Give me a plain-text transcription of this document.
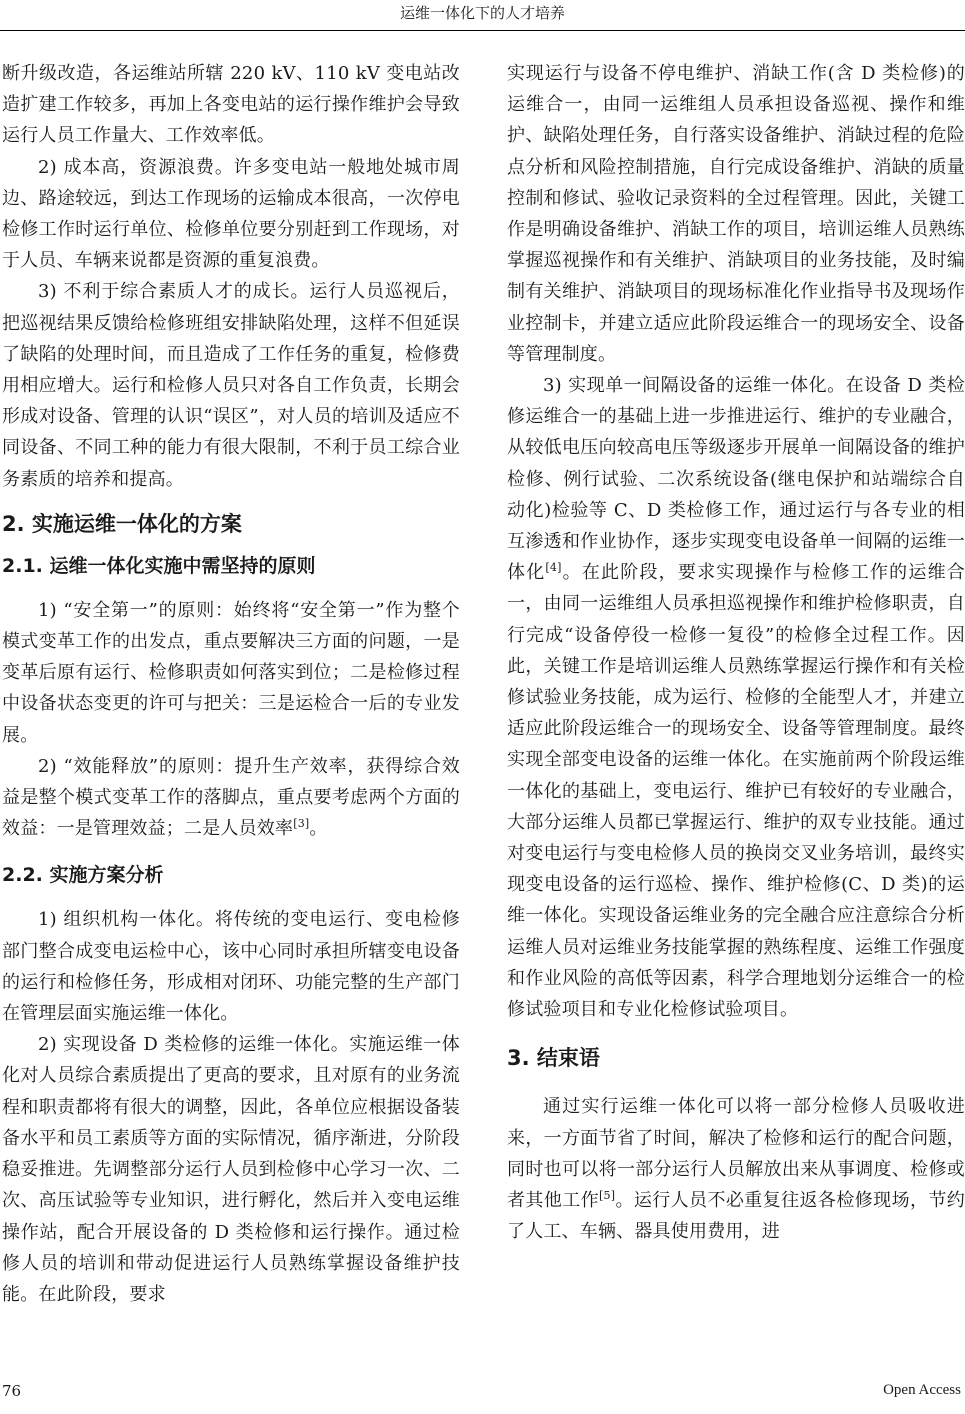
运维一体化下的人才培养

断升级改造，各运维站所辖 220 kV、110 kV 变电站改造扩建工作较多，再加上各变电站的运行操作维护会导致运行人员工作量大、工作效率低。

2) 成本高，资源浪费。许多变电站一般地处城市周边、路途较远，到达工作现场的运输成本很高，一次停电检修工作时运行单位、检修单位要分别赶到工作现场，对于人员、车辆来说都是资源的重复浪费。

3) 不利于综合素质人才的成长。运行人员巡视后，把巡视结果反馈给检修班组安排缺陷处理，这样不但延误了缺陷的处理时间，而且造成了工作任务的重复，检修费用相应增大。运行和检修人员只对各自工作负责，长期会形成对设备、管理的认识“误区”，对人员的培训及适应不同设备、不同工种的能力有很大限制，不利于员工综合业务素质的培养和提高。

2. 实施运维一体化的方案
2.1. 运维一体化实施中需坚持的原则

1) “安全第一”的原则：始终将“安全第一”作为整个模式变革工作的出发点，重点要解决三方面的问题，一是变革后原有运行、检修职责如何落实到位；二是检修过程中设备状态变更的许可与把关：三是运检合一后的专业发展。

2) “效能释放”的原则：提升生产效率，获得综合效益是整个模式变革工作的落脚点，重点要考虑两个方面的效益：一是管理效益；二是人员效率[3]。

2.2. 实施方案分析

1) 组织机构一体化。将传统的变电运行、变电检修部门整合成变电运检中心，该中心同时承担所辖变电设备的运行和检修任务，形成相对闭环、功能完整的生产部门在管理层面实施运维一体化。

2) 实现设备 D 类检修的运维一体化。实施运维一体化对人员综合素质提出了更高的要求，且对原有的业务流程和职责都将有很大的调整，因此，各单位应根据设备装备水平和员工素质等方面的实际情况，循序渐进，分阶段稳妥推进。先调整部分运行人员到检修中心学习一次、二次、高压试验等专业知识，进行孵化，然后并入变电运维操作站，配合开展设备的 D 类检修和运行操作。通过检修人员的培训和带动促进运行人员熟练掌握设备维护技能。在此阶段，要求

实现运行与设备不停电维护、消缺工作(含 D 类检修)的运维合一，由同一运维组人员承担设备巡视、操作和维护、缺陷处理任务，自行落实设备维护、消缺过程的危险点分析和风险控制措施，自行完成设备维护、消缺的质量控制和修试、验收记录资料的全过程管理。因此，关键工作是明确设备维护、消缺工作的项目，培训运维人员熟练掌握巡视操作和有关维护、消缺项目的业务技能，及时编制有关维护、消缺项目的现场标准化作业指导书及现场作业控制卡，并建立适应此阶段运维合一的现场安全、设备等管理制度。

3) 实现单一间隔设备的运维一体化。在设备 D 类检修运维合一的基础上进一步推进运行、维护的专业融合，从较低电压向较高电压等级逐步开展单一间隔设备的维护检修、例行试验、二次系统设备(继电保护和站端综合自动化)检验等 C、D 类检修工作，通过运行与各专业的相互渗透和作业协作，逐步实现变电设备单一间隔的运维一体化[4]。在此阶段，要求实现操作与检修工作的运维合一，由同一运维组人员承担巡视操作和维护检修职责，自行完成“设备停役一检修一复役”的检修全过程工作。因此，关键工作是培训运维人员熟练掌握运行操作和有关检修试验业务技能，成为运行、检修的全能型人才，并建立适应此阶段运维合一的现场安全、设备等管理制度。最终实现全部变电设备的运维一体化。在实施前两个阶段运维一体化的基础上，变电运行、维护已有较好的专业融合，大部分运维人员都已掌握运行、维护的双专业技能。通过对变电运行与变电检修人员的换岗交叉业务培训，最终实现变电设备的运行巡检、操作、维护检修(C、D 类)的运维一体化。实现设备运维业务的完全融合应注意综合分析运维人员对运维业务技能掌握的熟练程度、运维工作强度和作业风险的高低等因素，科学合理地划分运维合一的检修试验项目和专业化检修试验项目。

3. 结束语

通过实行运维一体化可以将一部分检修人员吸收进来，一方面节省了时间，解决了检修和运行的配合问题，同时也可以将一部分运行人员解放出来从事调度、检修或者其他工作[5]。运行人员不必重复往返各检修现场，节约了人工、车辆、器具使用费用，进

76	Open Access
